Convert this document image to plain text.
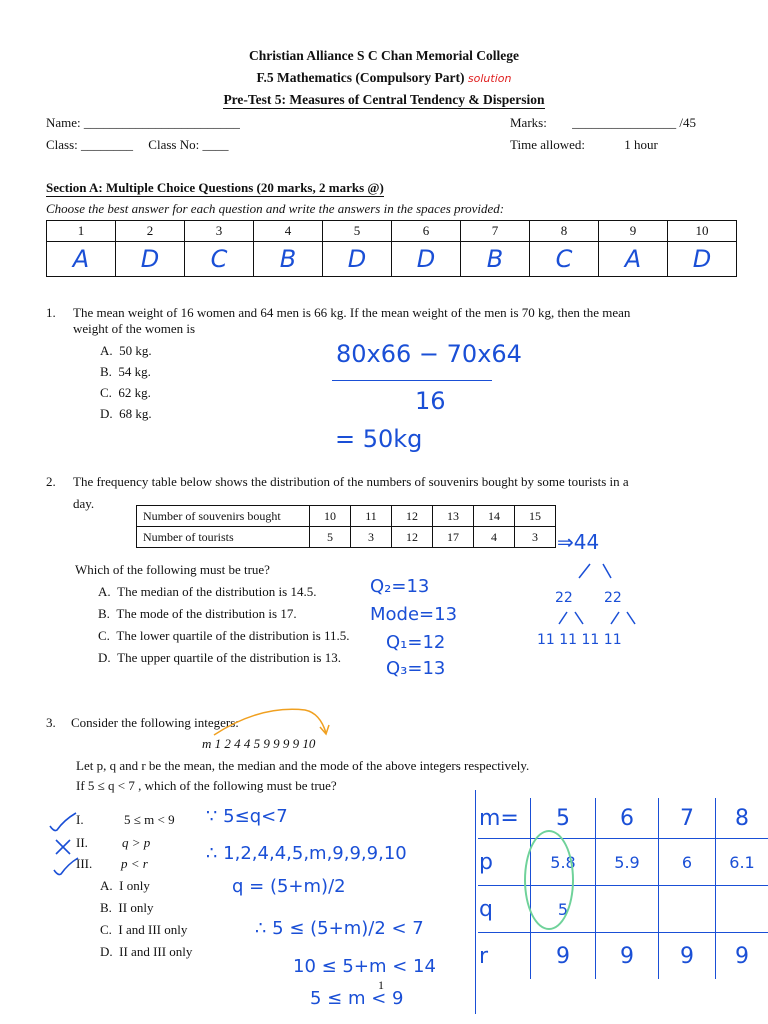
Christian Alliance S C Chan Memorial College
F.5 Mathematics (Compulsory Part) solution
Pre-Test 5: Measures of Central Tendency & Dispersion
Name: ________________________	Marks: ________________ /45
Class: ________ Class No: ____	Time allowed:	1 hour
Section A: Multiple Choice Questions (20 marks, 2 marks @)
Choose the best answer for each question and write the answers in the spaces provided:
1	2	3	4	5	6	7	8	9	10
A	D	C	B	D	D	B	C	A	D
1. The mean weight of 16 women and 64 men is 66 kg. If the mean weight of the men is 70 kg, then the mean
weight of the women is
A. 50 kg.
B. 54 kg.
C. 62 kg.
D. 68 kg.
80x66 − 70x64
16
= 50kg
2. The frequency table below shows the distribution of the numbers of souvenirs bought by some tourists in a
day.
Number of souvenirs bought	10	11	12	13	14	15
Number of tourists	5	3	12	17	4	3
Which of the following must be true?
A. The median of the distribution is 14.5.
B. The mode of the distribution is 17.
C. The lower quartile of the distribution is 11.5.
D. The upper quartile of the distribution is 13.
Q₂=13
Mode=13
Q₁=12
Q₃=13
⇒44
22 22
11 11 11 11
3. Consider the following integers:
m 1 2 4 4 5 9 9 9 9 10
Let p, q and r be the mean, the median and the mode of the above integers respectively.
If 5 ≤ q < 7 , which of the following must be true?
I.	5 ≤ m < 9
II.	q > p
III. p < r
A. I only
B. II only
C. I and III only
D. II and III only
∵ 5≤q<7
∴ 1,2,4,4,5,m,9,9,9,10
q = (5+m)/2
∴ 5 ≤ (5+m)/2 < 7
10 ≤ 5+m < 14
5 ≤ m < 9
m=	5	6	7	8
p	5.8	5.9	6	6.1
q	5			
r	9	9	9	9
1
